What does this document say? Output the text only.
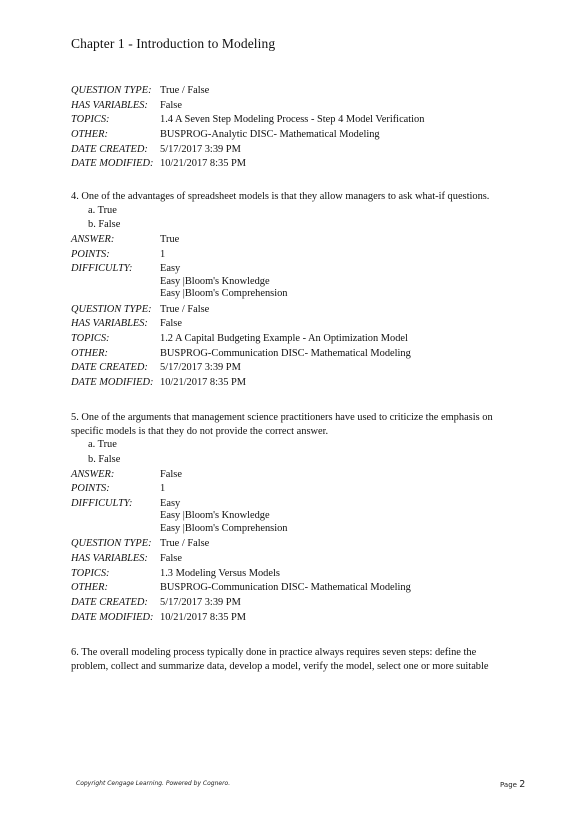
Chapter 1 - Introduction to Modeling
QUESTION TYPE: True / False
HAS VARIABLES:	False
TOPICS:	1.4 A Seven Step Modeling Process - Step 4 Model Verification
OTHER:	BUSPROG-Analytic DISC- Mathematical Modeling
DATE CREATED:	5/17/2017 3:39 PM
DATE MODIFIED: 10/21/2017 8:35 PM
4. One of the advantages of spreadsheet models is that they allow managers to ask what-if questions.
a. True
b. False
ANSWER:	True
POINTS:	1
DIFFICULTY:	Easy
Easy |Bloom's Knowledge
Easy |Bloom's Comprehension
QUESTION TYPE: True / False
HAS VARIABLES:	False
TOPICS:	1.2 A Capital Budgeting Example - An Optimization Model
OTHER:	BUSPROG-Communication DISC- Mathematical Modeling
DATE CREATED:	5/17/2017 3:39 PM
DATE MODIFIED: 10/21/2017 8:35 PM
5. One of the arguments that management science practitioners have used to criticize the emphasis on
specific models is that they do not provide the correct answer.
a. True
b. False
ANSWER:	False
POINTS:	1
DIFFICULTY:	Easy
Easy |Bloom's Knowledge
Easy |Bloom's Comprehension
QUESTION TYPE: True / False
HAS VARIABLES:	False
TOPICS:	1.3 Modeling Versus Models
OTHER:	BUSPROG-Communication DISC- Mathematical Modeling
DATE CREATED:	5/17/2017 3:39 PM
DATE MODIFIED: 10/21/2017 8:35 PM
6. The overall modeling process typically done in practice always requires seven steps: define the
problem, collect and summarize data, develop a model, verify the model, select one or more suitable
Copyright Cengage Learning. Powered by Cognero.	Page 2
